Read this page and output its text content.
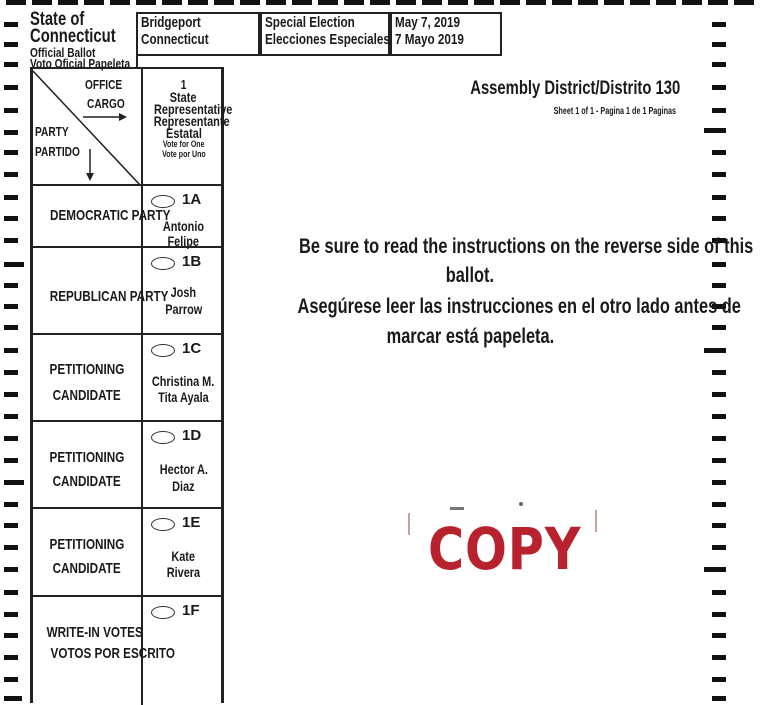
State of
Connecticut
Official Ballot
Voto Oficial Papeleta
Bridgeport
Connecticut
Special Election
Elecciones Especiales
May 7, 2019
7 Mayo 2019
Assembly District/Distrito 130
Sheet 1 of 1 - Pagina 1 de 1 Paginas
OFFICE
CARGO
PARTY
PARTIDO
1
State
Representative
Representante
Estatal
Vote for One
Vote por Uno
DEMOCRATIC PARTY
1A
Antonio
Felipe
REPUBLICAN PARTY
1B
Josh
Parrow
PETITIONING
CANDIDATE
1C
Christina M.
Tita Ayala
PETITIONING
CANDIDATE
1D
Hector A.
Diaz
PETITIONING
CANDIDATE
1E
Kate
Rivera
WRITE-IN VOTES
VOTOS POR ESCRITO
1F
Be sure to read the instructions on the reverse side of this
ballot.
Asegúrese leer las instrucciones en el otro lado antes de
marcar está papeleta.
COPY
